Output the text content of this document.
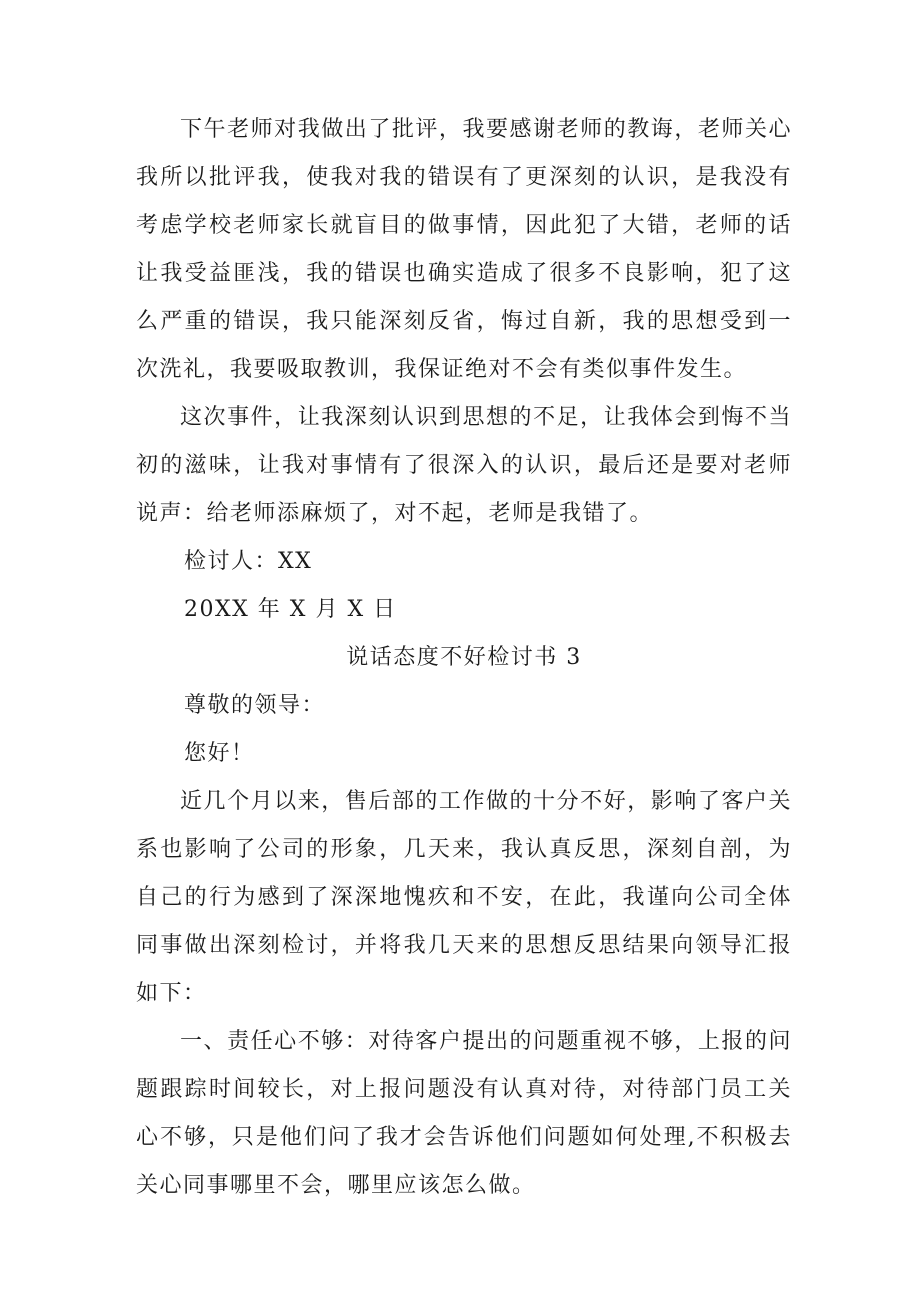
下午老师对我做出了批评，我要感谢老师的教诲，老师关心我所以批评我，使我对我的错误有了更深刻的认识，是我没有考虑学校老师家长就盲目的做事情，因此犯了大错，老师的话让我受益匪浅，我的错误也确实造成了很多不良影响，犯了这么严重的错误，我只能深刻反省，悔过自新，我的思想受到一次洗礼，我要吸取教训，我保证绝对不会有类似事件发生。

这次事件，让我深刻认识到思想的不足，让我体会到悔不当初的滋味，让我对事情有了很深入的认识，最后还是要对老师说声：给老师添麻烦了，对不起，老师是我错了。

检讨人：XX

20XX 年 X 月 X 日

说话态度不好检讨书 3

尊敬的领导：

您好！

近几个月以来，售后部的工作做的十分不好，影响了客户关系也影响了公司的形象，几天来，我认真反思，深刻自剖，为自己的行为感到了深深地愧疚和不安，在此，我谨向公司全体同事做出深刻检讨，并将我几天来的思想反思结果向领导汇报如下：

一、责任心不够：对待客户提出的问题重视不够，上报的问题跟踪时间较长，对上报问题没有认真对待，对待部门员工关心不够，只是他们问了我才会告诉他们问题如何处理,不积极去关心同事哪里不会，哪里应该怎么做。
